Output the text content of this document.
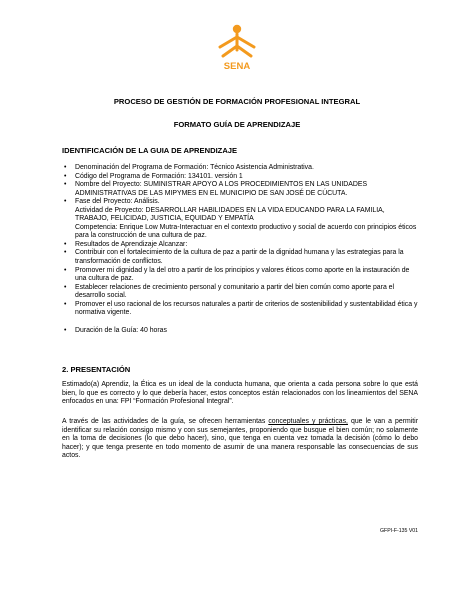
SENA
PROCESO DE GESTIÓN DE FORMACIÓN PROFESIONAL INTEGRAL
FORMATO GUÍA DE APRENDIZAJE
IDENTIFICACIÓN DE LA GUIA DE APRENDIZAJE
• Denominación del Programa de Formación: Técnico Asistencia Administrativa.
• Código del Programa de Formación: 134101. versión 1
• Nombre del Proyecto: SUMINISTRAR APOYO A LOS PROCEDIMIENTOS EN LAS UNIDADES ADMINISTRATIVAS DE LAS MIPYMES EN EL MUNICIPIO DE SAN JOSÉ DE CÚCUTA.
• Fase del Proyecto: Análisis.
Actividad de Proyecto: DESARROLLAR HABILIDADES EN LA VIDA EDUCANDO PARA LA FAMILIA, TRABAJO, FELICIDAD, JUSTICIA, EQUIDAD Y EMPATÍA
Competencia: Enrique Low Mutra-Interactuar en el contexto productivo y social de acuerdo con principios éticos para la construcción de una cultura de paz.
• Resultados de Aprendizaje Alcanzar:
• Contribuir con el fortalecimiento de la cultura de paz a partir de la dignidad humana y las estrategias para la transformación de conflictos.
• Promover mi dignidad y la del otro a partir de los principios y valores éticos como aporte en la instauración de una cultura de paz.
• Establecer relaciones de crecimiento personal y comunitario a partir del bien común como aporte para el desarrollo social.
• Promover el uso racional de los recursos naturales a partir de criterios de sostenibilidad y sustentabilidad ética y normativa vigente.
• Duración de la Guía: 40 horas
2. PRESENTACIÓN

Estimado(a) Aprendiz, la Ética es un ideal de la conducta humana, que orienta a cada persona sobre lo que está bien, lo que es correcto y lo que debería hacer, estos conceptos están relacionados con los lineamientos del SENA enfocados en una: FPI “Formación Profesional Integral”.

A través de las actividades de la guía, se ofrecen herramientas conceptuales y prácticas, que le van a permitir identificar su relación consigo mismo y con sus semejantes, proponiendo que busque el bien común; no solamente en la toma de decisiones (lo que debo hacer), sino, que tenga en cuenta vez tomada la decisión (cómo lo debo hacer); y que tenga presente en todo momento de asumir de una manera responsable las consecuencias de sus actos.

GFPI-F-135 V01
